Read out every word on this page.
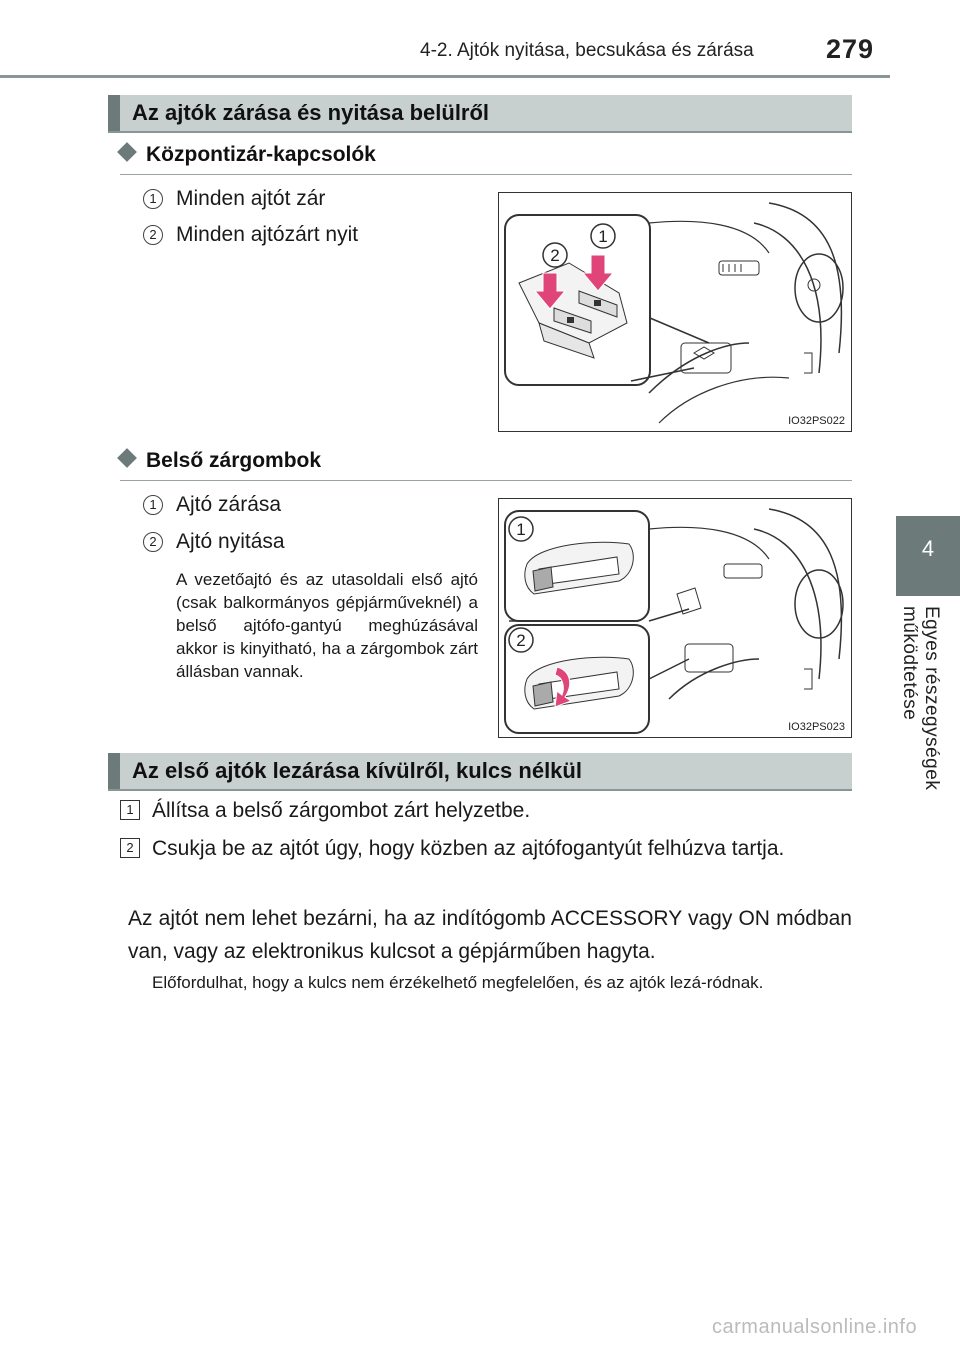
4-2. Ajtók nyitása, becsukása és zárása	279
4
Egyes részegységek működtetése
Az ajtók zárása és nyitása belülről
Központizár-kapcsolók
1 Minden ajtót zár
2 Minden ajtózárt nyit	1
2
IO32PS022
Belső zárgombok
1 Ajtó zárása
2 Ajtó nyitása
A vezetőajtó és az utasoldali első ajtó (csak balkormányos gépjárműveknél) a belső ajtófo-gantyú meghúzásával akkor is kinyitható, ha a zárgombok zárt állásban vannak.
1
2
IO32PS023
Az első ajtók lezárása kívülről, kulcs nélkül
1 Állítsa a belső zárgombot zárt helyzetbe.
2 Csukja be az ajtót úgy, hogy közben az ajtófogantyút felhúzva tartja.
Az ajtót nem lehet bezárni, ha az indítógomb ACCESSORY vagy ON módban van, vagy az elektronikus kulcsot a gépjárműben hagyta.
Előfordulhat, hogy a kulcs nem érzékelhető megfelelően, és az ajtók lezá-ródnak.
carmanualsonline.info
